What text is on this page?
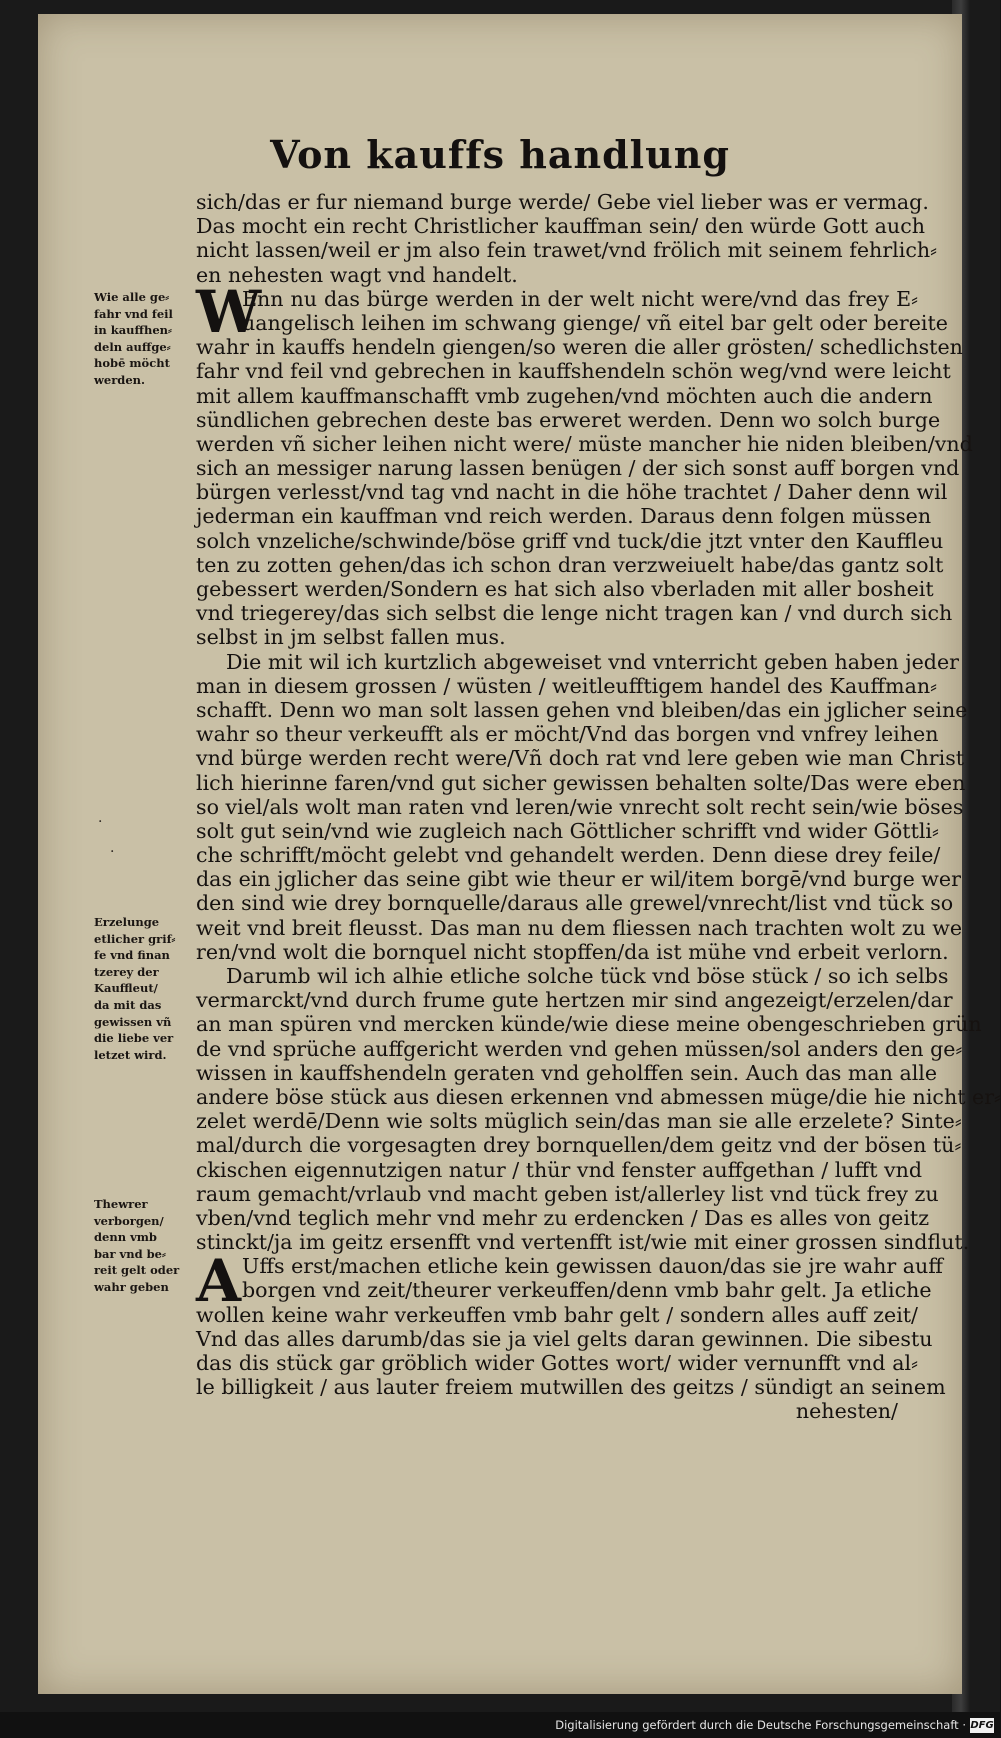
Von kauffs handlung
Wie alle ge⸗
fahr vnd feil
in kauffhen⸗
deln auffge⸗
hobē möcht
werden.
Erzelunge
etlicher grif⸗
fe vnd finan
tzerey der
Kauffleut/
da mit das
gewissen vñ
die liebe ver
letzet wird.
Thewrer
verborgen/
denn vmb
bar vnd be⸗
reit gelt oder
wahr geben
·
·
sich/das er fur niemand burge werde/ Gebe viel lieber was er vermag.
Das mocht ein recht Christlicher kauffman sein/ den würde Gott auch
nicht lassen/weil er jm also fein trawet/vnd frölich mit seinem fehrlich⸗
en nehesten wagt vnd handelt.
W
Enn nu das bürge werden in der welt nicht were/vnd das frey E⸗
uangelisch leihen im schwang gienge/ vñ eitel bar gelt oder bereite
wahr in kauffs hendeln giengen/so weren die aller grösten/ schedlichsten
fahr vnd feil vnd gebrechen in kauffshendeln schön weg/vnd were leicht
mit allem kauffmanschafft vmb zugehen/vnd möchten auch die andern
sündlichen gebrechen deste bas erweret werden. Denn wo solch burge
werden vñ sicher leihen nicht were/ müste mancher hie niden bleiben/vnd
sich an messiger narung lassen benügen / der sich sonst auff borgen vnd
bürgen verlesst/vnd tag vnd nacht in die höhe trachtet / Daher denn wil
jederman ein kauffman vnd reich werden. Daraus denn folgen müssen
solch vnzeliche/schwinde/böse griff vnd tuck/die jtzt vnter den Kauffleu
ten zu zotten gehen/das ich schon dran verzweiuelt habe/das gantz solt
gebessert werden/Sondern es hat sich also vberladen mit aller bosheit
vnd triegerey/das sich selbst die lenge nicht tragen kan / vnd durch sich
selbst in jm selbst fallen mus.
Die mit wil ich kurtzlich abgeweiset vnd vnterricht geben haben jeder
man in diesem grossen / wüsten / weitleufftigem handel des Kauffman⸗
schafft. Denn wo man solt lassen gehen vnd bleiben/das ein jglicher seine
wahr so theur verkeufft als er möcht/Vnd das borgen vnd vnfrey leihen
vnd bürge werden recht were/Vñ doch rat vnd lere geben wie man Christ
lich hierinne faren/vnd gut sicher gewissen behalten solte/Das were eben
so viel/als wolt man raten vnd leren/wie vnrecht solt recht sein/wie böses
solt gut sein/vnd wie zugleich nach Göttlicher schrifft vnd wider Göttli⸗
che schrifft/möcht gelebt vnd gehandelt werden. Denn diese drey feile/
das ein jglicher das seine gibt wie theur er wil/item borgē/vnd burge wer
den sind wie drey bornquelle/daraus alle grewel/vnrecht/list vnd tück so
weit vnd breit fleusst. Das man nu dem fliessen nach trachten wolt zu we
ren/vnd wolt die bornquel nicht stopffen/da ist mühe vnd erbeit verlorn.
Darumb wil ich alhie etliche solche tück vnd böse stück / so ich selbs
vermarckt/vnd durch frume gute hertzen mir sind angezeigt/erzelen/dar
an man spüren vnd mercken künde/wie diese meine obengeschrieben grün
de vnd sprüche auffgericht werden vnd gehen müssen/sol anders den ge⸗
wissen in kauffshendeln geraten vnd geholffen sein. Auch das man alle
andere böse stück aus diesen erkennen vnd abmessen müge/die hie nicht er⸗
zelet werdē/Denn wie solts müglich sein/das man sie alle erzelete? Sinte⸗
mal/durch die vorgesagten drey bornquellen/dem geitz vnd der bösen tü⸗
ckischen eigennutzigen natur / thür vnd fenster auffgethan / lufft vnd
raum gemacht/vrlaub vnd macht geben ist/allerley list vnd tück frey zu
vben/vnd teglich mehr vnd mehr zu erdencken / Das es alles von geitz
stinckt/ja im geitz ersenfft vnd vertenfft ist/wie mit einer grossen sindflut.
A Uffs erst/machen etliche kein gewissen dauon/das sie jre wahr auff
borgen vnd zeit/theurer verkeuffen/denn vmb bahr gelt. Ja etliche
wollen keine wahr verkeuffen vmb bahr gelt / sondern alles auff zeit/
Vnd das alles darumb/das sie ja viel gelts daran gewinnen. Die sibestu
das dis stück gar gröblich wider Gottes wort/ wider vernunfft vnd al⸗
le billigkeit / aus lauter freiem mutwillen des geitzs / sündigt an seinem
nehesten/
Digitalisierung gefördert durch die Deutsche Forschungsgemeinschaft · DFG
